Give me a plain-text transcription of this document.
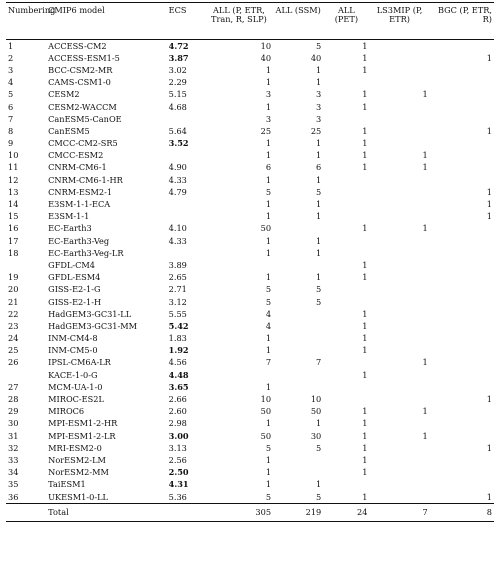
Numbering	CMIP6 model	ECS	ALL (P, ETR, Tran, R, SLP)	ALL (SSM)	ALL (PET)	LS3MIP (P, ETR)	BGC (P, ETR, R)
1	ACCESS-CM2	4.72	10	5	1		
2	ACCESS-ESM1-5	3.87	40	40	1		1
3	BCC-CSM2-MR	3.02	1	1	1		
4	CAMS-CSM1-0	2.29	1	1			
5	CESM2	5.15	3	3	1	1	
6	CESM2-WACCM	4.68	1	3	1		
7	CanESM5-CanOE		3	3			
8	CanESM5	5.64	25	25	1		1
9	CMCC-CM2-SR5	3.52	1	1	1		
10	CMCC-ESM2		1	1	1	1	
11	CNRM-CM6-1	4.90	6	6	1	1	
12	CNRM-CM6-1-HR	4.33	1	1			
13	CNRM-ESM2-1	4.79	5	5			1
14	E3SM-1-1-ECA		1	1			1
15	E3SM-1-1		1	1			1
16	EC-Earth3	4.10	50		1	1	
17	EC-Earth3-Veg	4.33	1	1			
18	EC-Earth3-Veg-LR		1	1			
	GFDL-CM4	3.89			1		
19	GFDL-ESM4	2.65	1	1	1		
20	GISS-E2-1-G	2.71	5	5			
21	GISS-E2-1-H	3.12	5	5			
22	HadGEM3-GC31-LL	5.55	4		1		
23	HadGEM3-GC31-MM	5.42	4		1		
24	INM-CM4-8	1.83	1		1		
25	INM-CM5-0	1.92	1		1		
26	IPSL-CM6A-LR	4.56	7	7		1	
	KACE-1-0-G	4.48			1		
27	MCM-UA-1-0	3.65	1				
28	MIROC-ES2L	2.66	10	10			1
29	MIROC6	2.60	50	50	1	1	
30	MPI-ESM1-2-HR	2.98	1	1	1		
31	MPI-ESM1-2-LR	3.00	50	30	1	1	
32	MRI-ESM2-0	3.13	5	5	1		1
33	NorESM2-LM	2.56	1		1		
34	NorESM2-MM	2.50	1		1		
35	TaiESM1	4.31	1	1			
36	UKESM1-0-LL	5.36	5	5	1		1
	Total		305	219	24	7	8
